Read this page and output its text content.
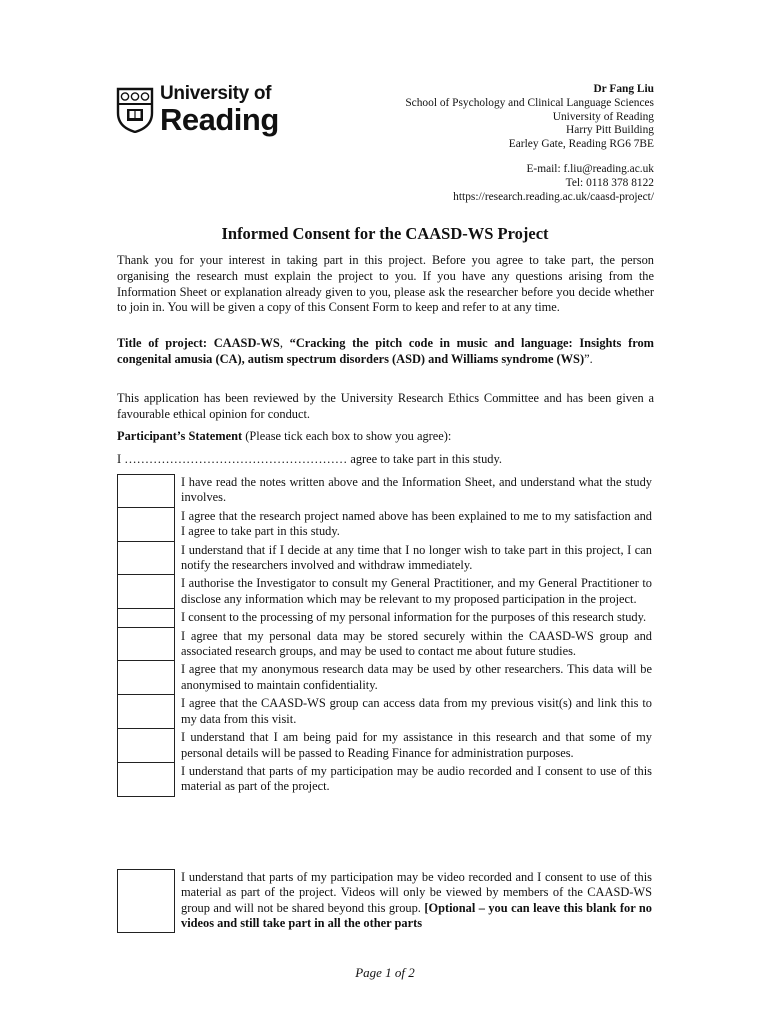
University of
Reading
Dr Fang Liu
School of Psychology and Clinical Language Sciences
University of Reading
Harry Pitt Building
Earley Gate, Reading RG6 7BE
E-mail: f.liu@reading.ac.uk
Tel: 0118 378 8122
https://research.reading.ac.uk/caasd-project/
Informed Consent for the CAASD-WS Project
Thank you for your interest in taking part in this project. Before you agree to take part, the person organising the research must explain the project to you. If you have any questions arising from the Information Sheet or explanation already given to you, please ask the researcher before you decide whether to join in. You will be given a copy of this Consent Form to keep and refer to at any time.
Title of project: CAASD-WS, “Cracking the pitch code in music and language: Insights from congenital amusia (CA), autism spectrum disorders (ASD) and Williams syndrome (WS)”.
This application has been reviewed by the University Research Ethics Committee and has been given a favourable ethical opinion for conduct.
Participant’s Statement (Please tick each box to show you agree):
I ……………………………………………… agree to take part in this study.
I have read the notes written above and the Information Sheet, and understand what the study involves.
I agree that the research project named above has been explained to me to my satisfaction and I agree to take part in this study.
I understand that if I decide at any time that I no longer wish to take part in this project, I can notify the researchers involved and withdraw immediately.
I authorise the Investigator to consult my General Practitioner, and my General Practitioner to disclose any information which may be relevant to my proposed participation in the project.
I consent to the processing of my personal information for the purposes of this research study.
I agree that my personal data may be stored securely within the CAASD-WS group and associated research groups, and may be used to contact me about future studies.
I agree that my anonymous research data may be used by other researchers. This data will be anonymised to maintain confidentiality.
I agree that the CAASD-WS group can access data from my previous visit(s) and link this to my data from this visit.
I understand that I am being paid for my assistance in this research and that some of my personal details will be passed to Reading Finance for administration purposes.
I understand that parts of my participation may be audio recorded and I consent to use of this material as part of the project.
I understand that parts of my participation may be video recorded and I consent to use of this material as part of the project. Videos will only be viewed by members of the CAASD-WS group and will not be shared beyond this group. [Optional – you can leave this blank for no videos and still take part in all the other parts
Page 1 of 2
